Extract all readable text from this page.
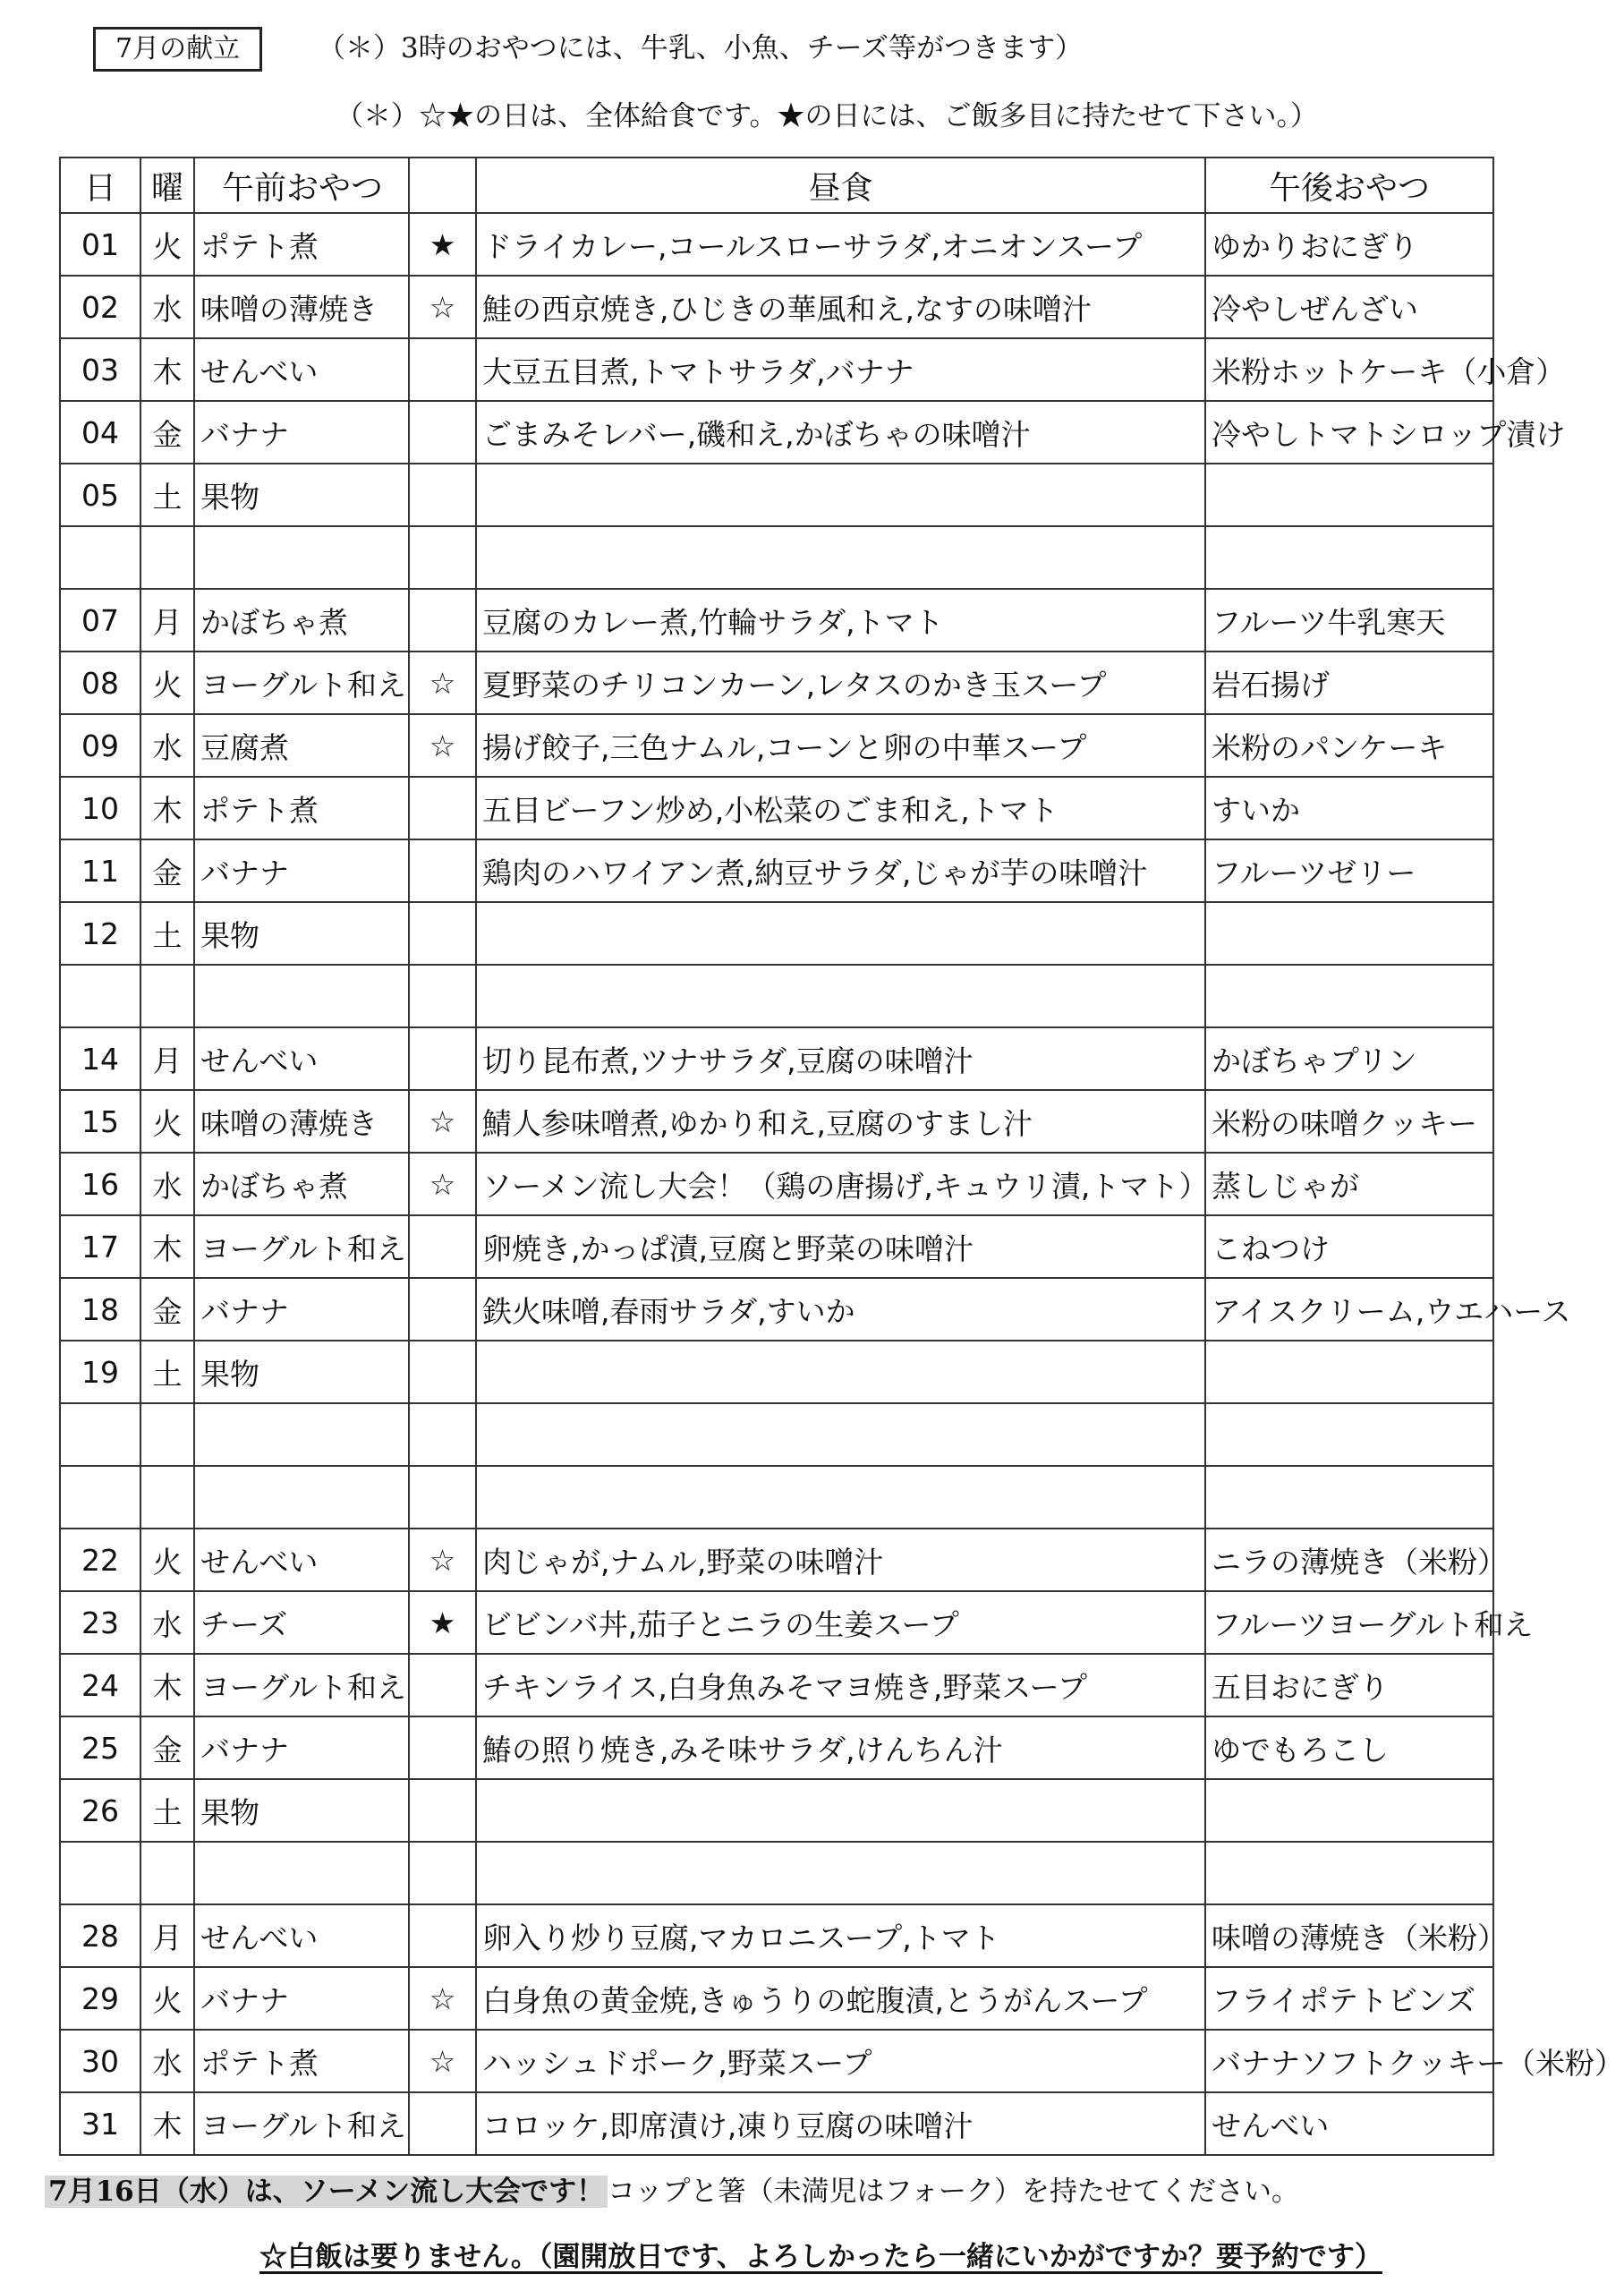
7月の献立	（＊）3時のおやつには、牛乳、小魚、チーズ等がつきます）
（＊）☆★の日は、全体給食です。★の日には、ご飯多目に持たせて下さい。）
日	曜	午前おやつ		昼食	午後おやつ
01	火	ポテト煮	★	ドライカレー,コールスローサラダ,オニオンスープ	ゆかりおにぎり
02	水	味噌の薄焼き	☆	鮭の西京焼き,ひじきの華風和え,なすの味噌汁	冷やしぜんざい
03	木	せんべい		大豆五目煮,トマトサラダ,バナナ	米粉ホットケーキ（小倉）
04	金	バナナ		ごまみそレバー,磯和え,かぼちゃの味噌汁	冷やしトマトシロップ漬け
05	土	果物			

07	月	かぼちゃ煮		豆腐のカレー煮,竹輪サラダ,トマト	フルーツ牛乳寒天
08	火	ヨーグルト和え	☆	夏野菜のチリコンカーン,レタスのかき玉スープ	岩石揚げ
09	水	豆腐煮	☆	揚げ餃子,三色ナムル,コーンと卵の中華スープ	米粉のパンケーキ
10	木	ポテト煮		五目ビーフン炒め,小松菜のごま和え,トマト	すいか
11	金	バナナ		鶏肉のハワイアン煮,納豆サラダ,じゃが芋の味噌汁	フルーツゼリー
12	土	果物			

14	月	せんべい		切り昆布煮,ツナサラダ,豆腐の味噌汁	かぼちゃプリン
15	火	味噌の薄焼き	☆	鯖人参味噌煮,ゆかり和え,豆腐のすまし汁	米粉の味噌クッキー
16	水	かぼちゃ煮	☆	ソーメン流し大会！（鶏の唐揚げ,キュウリ漬,トマト）	蒸しじゃが
17	木	ヨーグルト和え		卵焼き,かっぱ漬,豆腐と野菜の味噌汁	こねつけ
18	金	バナナ		鉄火味噌,春雨サラダ,すいか	アイスクリーム,ウエハース
19	土	果物			

22	火	せんべい	☆	肉じゃが,ナムル,野菜の味噌汁	ニラの薄焼き（米粉）
23	水	チーズ	★	ビビンバ丼,茄子とニラの生姜スープ	フルーツヨーグルト和え
24	木	ヨーグルト和え		チキンライス,白身魚みそマヨ焼き,野菜スープ	五目おにぎり
25	金	バナナ		鰆の照り焼き,みそ味サラダ,けんちん汁	ゆでもろこし
26	土	果物			

28	月	せんべい		卵入り炒り豆腐,マカロニスープ,トマト	味噌の薄焼き（米粉）
29	火	バナナ	☆	白身魚の黄金焼,きゅうりの蛇腹漬,とうがんスープ	フライポテトビンズ
30	水	ポテト煮	☆	ハッシュドポーク,野菜スープ	バナナソフトクッキー（米粉）
31	木	ヨーグルト和え		コロッケ,即席漬け,凍り豆腐の味噌汁	せんべい
7月16日（水）は、ソーメン流し大会です！ コップと箸（未満児はフォーク）を持たせてください。
☆白飯は要りません。（園開放日です、よろしかったら一緒にいかがですか？要予約です）
